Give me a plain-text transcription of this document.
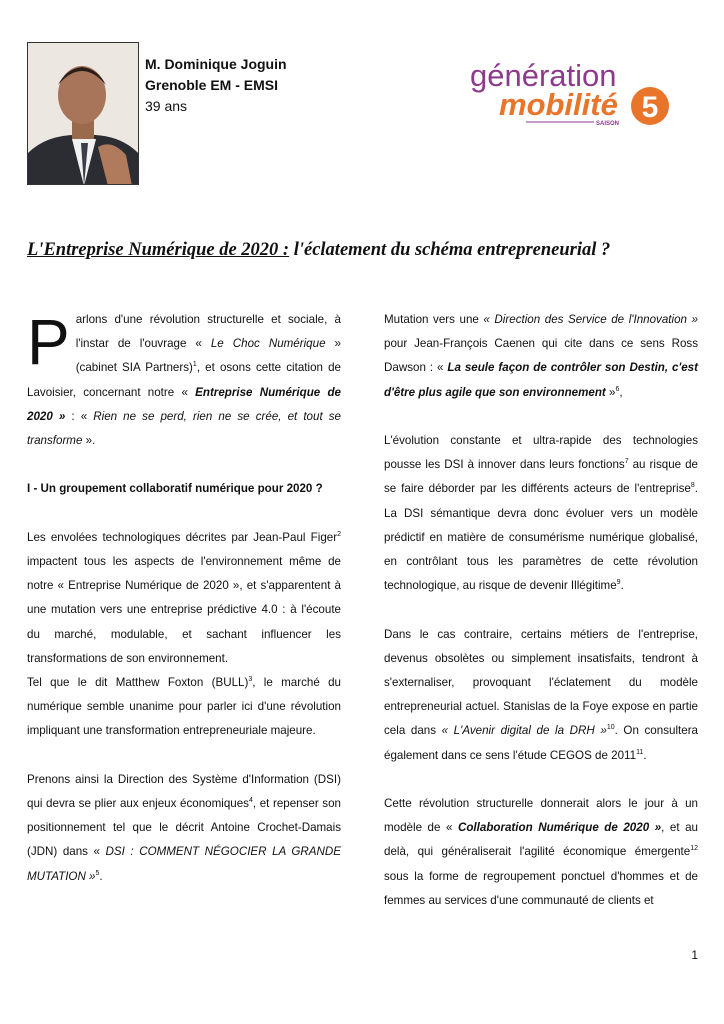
M. Dominique Joguin
Grenoble EM - EMSI
39 ans
génération
mobilité 5
SAISON
L'Entreprise Numérique de 2020 : l'éclatement du schéma entrepreneurial ?

Parlons d'une révolution structurelle et sociale, à l'instar de l'ouvrage « Le Choc Numérique » (cabinet SIA Partners)$^1$, et osons cette citation de Lavoisier, concernant notre « Entreprise Numérique de 2020 » : « Rien ne se perd, rien ne se crée, et tout se transforme ».

I - Un groupement collaboratif numérique pour 2020 ?

Les envolées technologiques décrites par Jean-Paul Figer$^2$ impactent tous les aspects de l'environnement même de notre « Entreprise Numérique de 2020 », et s'apparentent à une mutation vers une entreprise prédictive 4.0 : à l'écoute du marché, modulable, et sachant influencer les transformations de son environnement.

Tel que le dit Matthew Foxton (BULL)$^3$, le marché du numérique semble unanime pour parler ici d'une révolution impliquant une transformation entrepreneuriale majeure.

Prenons ainsi la Direction des Système d'Information (DSI) qui devra se plier aux enjeux économiques$^4$, et repenser son positionnement tel que le décrit Antoine Crochet-Damais (JDN) dans « DSI : COMMENT NÉGOCIER LA GRANDE MUTATION »$^5$.

Mutation vers une « Direction des Service de l'Innovation » pour Jean-François Caenen qui cite dans ce sens Ross Dawson : « La seule façon de contrôler son Destin, c'est d'être plus agile que son environnement »$^6$,

L'évolution constante et ultra-rapide des technologies pousse les DSI à innover dans leurs fonctions$^7$ au risque de se faire déborder par les différents acteurs de l'entreprise$^8$. La DSI sémantique devra donc évoluer vers un modèle prédictif en matière de consumérisme numérique globalisé, en contrôlant tous les paramètres de cette révolution technologique, au risque de devenir Illégitime$^9$.

Dans le cas contraire, certains métiers de l'entreprise, devenus obsolètes ou simplement insatisfaits, tendront à s'externaliser, provoquant l'éclatement du modèle entrepreneurial actuel. Stanislas de la Foye expose en partie cela dans « L'Avenir digital de la DRH »$^{10}$. On consultera également dans ce sens l'étude CEGOS de 2011$^{11}$.

Cette révolution structurelle donnerait alors le jour à un modèle de « Collaboration Numérique de 2020 », et au delà, qui généraliserait l'agilité économique émergente$^{12}$ sous la forme de regroupement ponctuel d'hommes et de femmes au services d'une communauté de clients et

1
